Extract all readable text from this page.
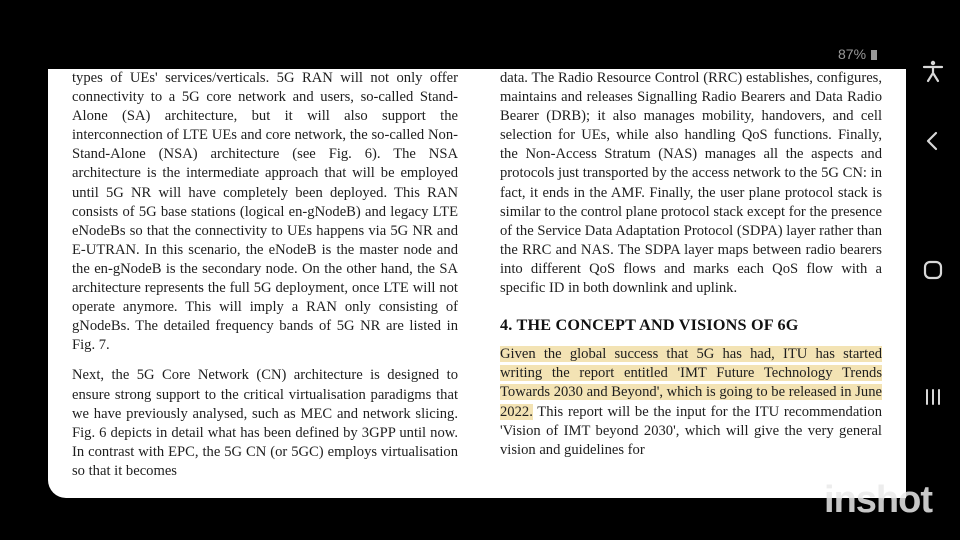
87%

types of UEs' services/verticals. 5G RAN will not only offer connectivity to a 5G core network and users, so-called Stand-Alone (SA) architecture, but it will also support the interconnection of LTE UEs and core network, the so-called Non-Stand-Alone (NSA) architecture (see Fig. 6). The NSA architecture is the intermediate approach that will be employed until 5G NR will have completely been deployed. This RAN consists of 5G base stations (logical en-gNodeB) and legacy LTE eNodeBs so that the connectivity to UEs happens via 5G NR and E-UTRAN. In this scenario, the eNodeB is the master node and the en-gNodeB is the secondary node. On the other hand, the SA architecture represents the full 5G deployment, once LTE will not operate anymore. This will imply a RAN only consisting of gNodeBs. The detailed frequency bands of 5G NR are listed in Fig. 7.

Next, the 5G Core Network (CN) architecture is designed to ensure strong support to the critical virtualisation paradigms that we have previously analysed, such as MEC and network slicing. Fig. 6 depicts in detail what has been defined by 3GPP until now. In contrast with EPC, the 5G CN (or 5GC) employs virtualisation so that it becomes

data. The Radio Resource Control (RRC) establishes, configures, maintains and releases Signalling Radio Bearers and Data Radio Bearer (DRB); it also manages mobility, handovers, and cell selection for UEs, while also handling QoS functions. Finally, the Non-Access Stratum (NAS) manages all the aspects and protocols just transported by the access network to the 5G CN: in fact, it ends in the AMF. Finally, the user plane protocol stack is similar to the control plane protocol stack except for the presence of the Service Data Adaptation Protocol (SDPA) layer rather than the RRC and NAS. The SDPA layer maps between radio bearers into different QoS flows and marks each QoS flow with a specific ID in both downlink and uplink.

4. THE CONCEPT AND VISIONS OF 6G

Given the global success that 5G has had, ITU has started writing the report entitled 'IMT Future Technology Trends Towards 2030 and Beyond', which is going to be released in June 2022. This report will be the input for the ITU recommendation 'Vision of IMT beyond 2030', which will give the very general vision and guidelines for

inshot
